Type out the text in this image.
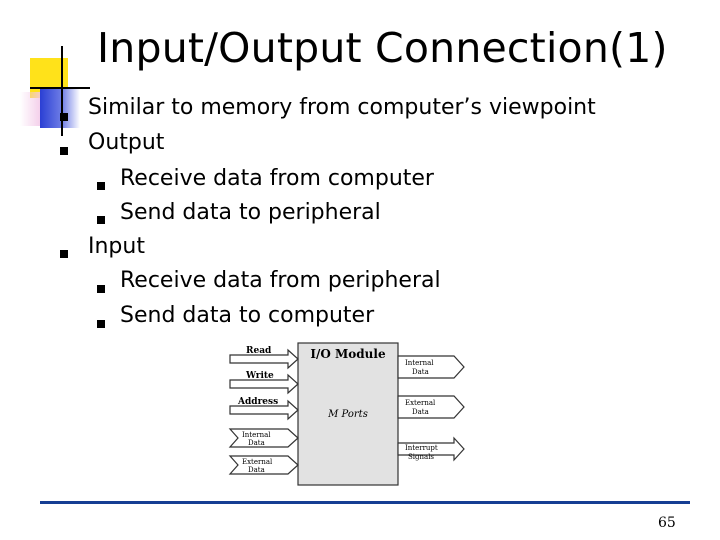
Input/Output Connection(1)
Similar to memory from computer’s viewpoint
Output
Receive data from computer
Send data to peripheral
Input
Receive data from peripheral
Send data to computer
I/O Module
M Ports
Read
Write
Address
Internal
Data
External
Data
Internal
Data
External
Data
Interrupt
Signals
65
